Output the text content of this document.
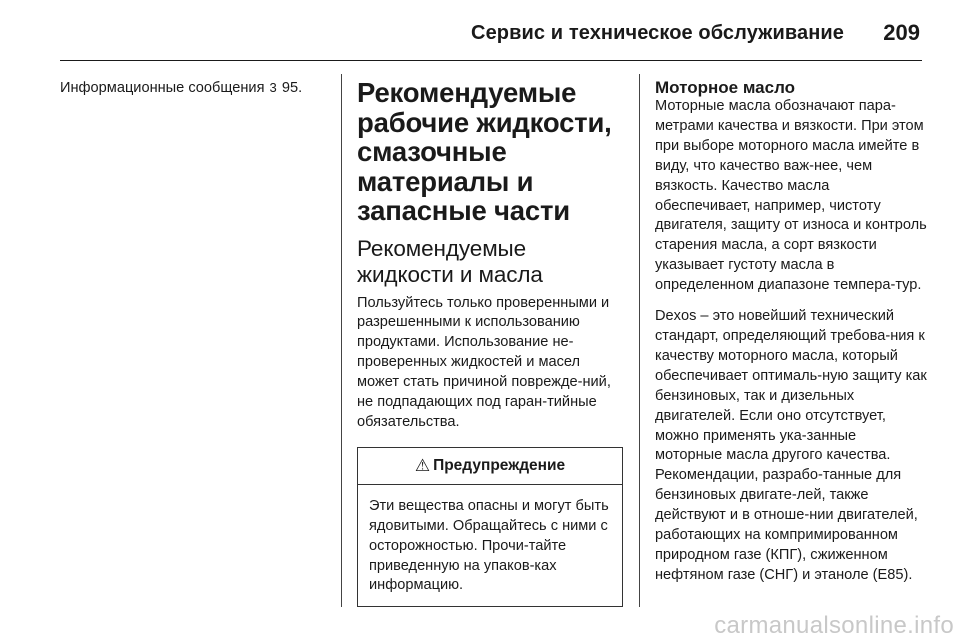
Сервис и техническое обслуживание 209

Информационные сообщения 3 95.	Рекомендуемые рабочие жидкости, смазочные материалы и запасные части
Рекомендуемые жидкости и масла

Пользуйтесь только проверенными и разрешенными к использованию продуктами. Использование не-проверенных жидкостей и масел может стать причиной поврежде-ний, не подпадающих под гаран-тийные обязательства.

⚠ Предупреждение

Эти вещества опасны и могут быть ядовитыми. Обращайтесь с ними с осторожностью. Прочи-тайте приведенную на упаков-ках информацию.

Моторное масло

Моторные масла обозначают пара-метрами качества и вязкости. При этом при выборе моторного масла имейте в виду, что качество важ-нее, чем вязкость. Качество масла обеспечивает, например, чистоту двигателя, защиту от износа и контроль старения масла, а сорт вязкости указывает густоту масла в определенном диапазоне темпера-тур.

Dexos – это новейший технический стандарт, определяющий требова-ния к качеству моторного масла, который обеспечивает оптималь-ную защиту как бензиновых, так и дизельных двигателей. Если оно отсутствует, можно применять ука-занные моторные масла другого качества. Рекомендации, разрабо-танные для бензиновых двигате-лей, также действуют и в отноше-нии двигателей, работающих на компримированном природном газе (КПГ), сжиженном нефтяном газе (СНГ) и этаноле (E85).

carmanualsonline.info
